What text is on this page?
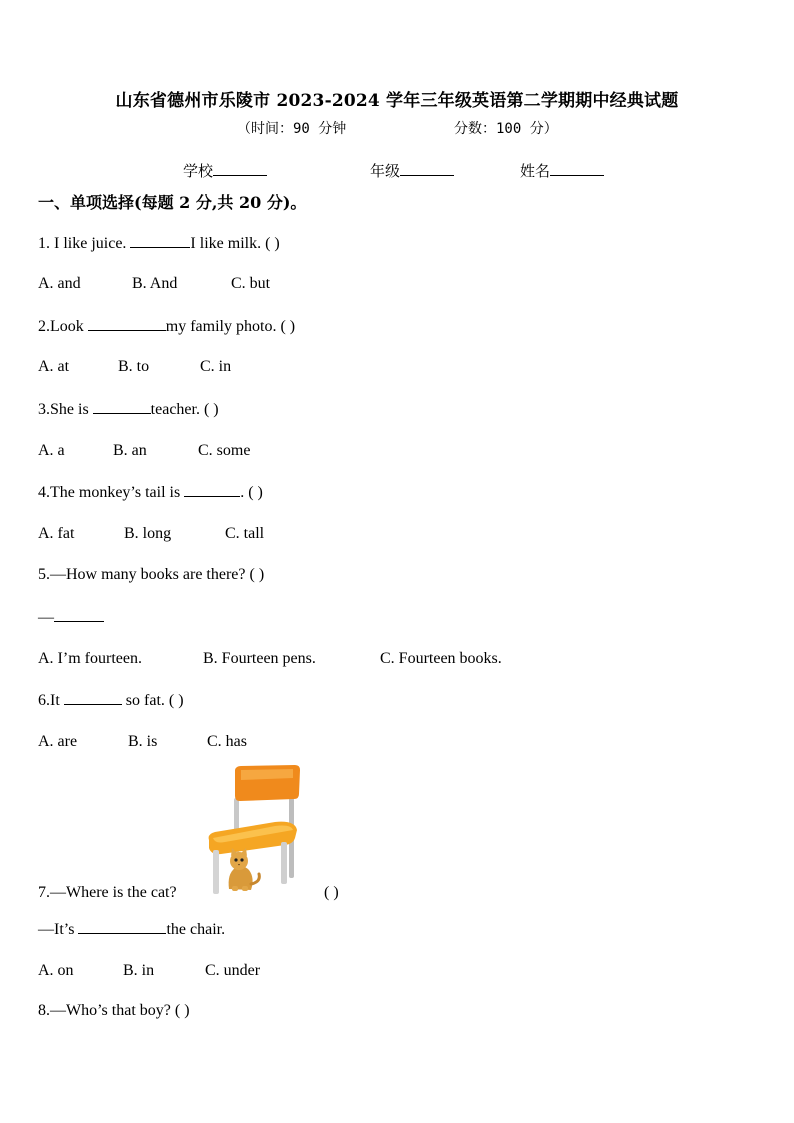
山东省德州市乐陵市 2023-2024 学年三年级英语第二学期期中经典试题
（时间：90 分钟	分数：100 分）
学校	年级	姓名
一、单项选择(每题 2 分,共 20 分)。
1. I like juice.	I like milk. ( )
A. and	B. And	C. but
2.Look	my family photo. ( )
A. at	B. to	C. in
3.She is	teacher. ( )
A. a	B. an	C. some
4.The monkey’s tail is	. ( )
A. fat	B. long	C. tall
5.—How many books are there? ( )
—
A. I’m fourteen.	B. Fourteen pens.	C. Fourteen books.
6.It	so fat. ( )
A. are	B. is	C. has
7.—Where is the cat?	( )
—It’s	the chair.
A. on	B. in	C. under
8.—Who’s that boy? ( )
